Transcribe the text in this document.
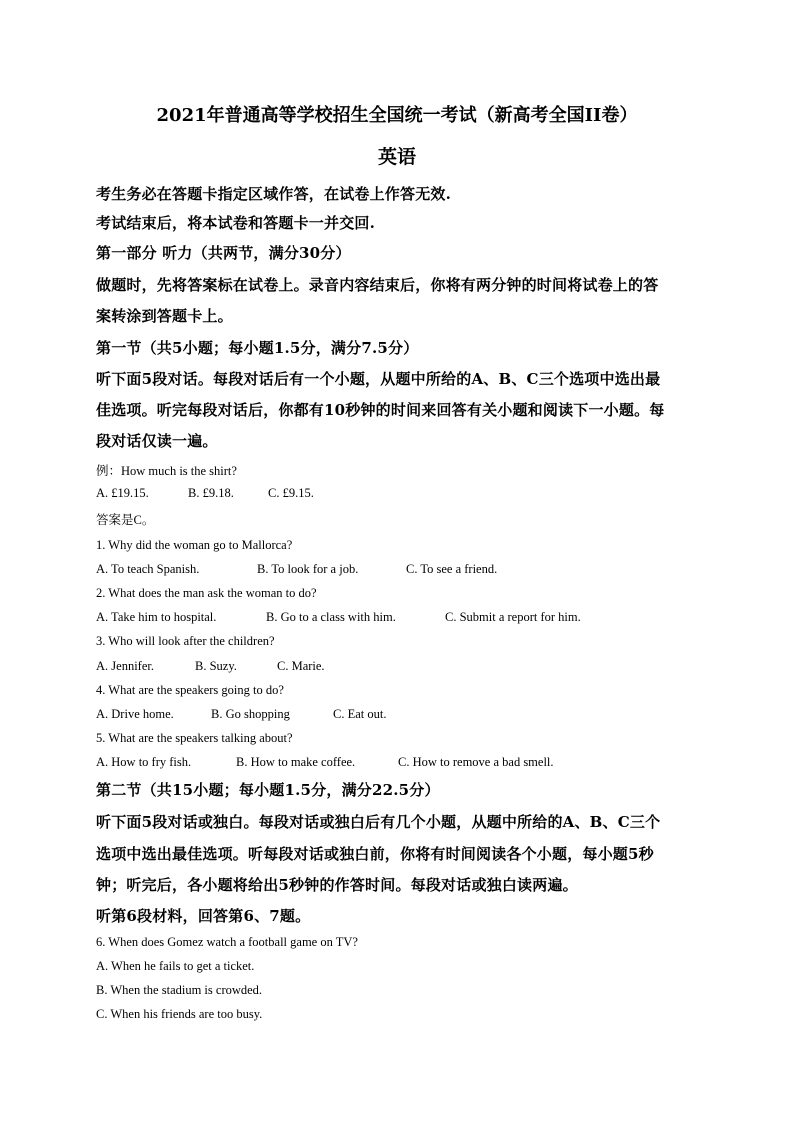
2021年普通高等学校招生全国统一考试（新高考全国II卷）
英语
考生务必在答题卡指定区域作答，在试卷上作答无效.
考试结束后，将本试卷和答题卡一并交回.
第一部分 听力（共两节，满分30分）
做题时，先将答案标在试卷上。录音内容结束后，你将有两分钟的时间将试卷上的答
案转涂到答题卡上。
第一节（共5小题；每小题1.5分，满分7.5分）
听下面5段对话。每段对话后有一个小题，从题中所给的A、B、C三个选项中选出最
佳选项。听完每段对话后，你都有10秒钟的时间来回答有关小题和阅读下一小题。每
段对话仅读一遍。
例：How much is the shirt?
A. £19.15.	B. £9.18.	C. £9.15.
答案是C。
1. Why did the woman go to Mallorca?
A. To teach Spanish.	B. To look for a job.	C. To see a friend.
2. What does the man ask the woman to do?
A. Take him to hospital.	B. Go to a class with him.	C. Submit a report for him.
3. Who will look after the children?
A. Jennifer.	B. Suzy.	C. Marie.
4. What are the speakers going to do?
A. Drive home.	B. Go shopping	C. Eat out.
5. What are the speakers talking about?
A. How to fry fish.	B. How to make coffee.	C. How to remove a bad smell.
第二节（共15小题；每小题1.5分，满分22.5分）
听下面5段对话或独白。每段对话或独白后有几个小题，从题中所给的A、B、C三个
选项中选出最佳选项。听每段对话或独白前，你将有时间阅读各个小题，每小题5秒
钟；听完后，各小题将给出5秒钟的作答时间。每段对话或独白读两遍。
听第6段材料，回答第6、7题。
6. When does Gomez watch a football game on TV?
A. When he fails to get a ticket.
B. When the stadium is crowded.
C. When his friends are too busy.
